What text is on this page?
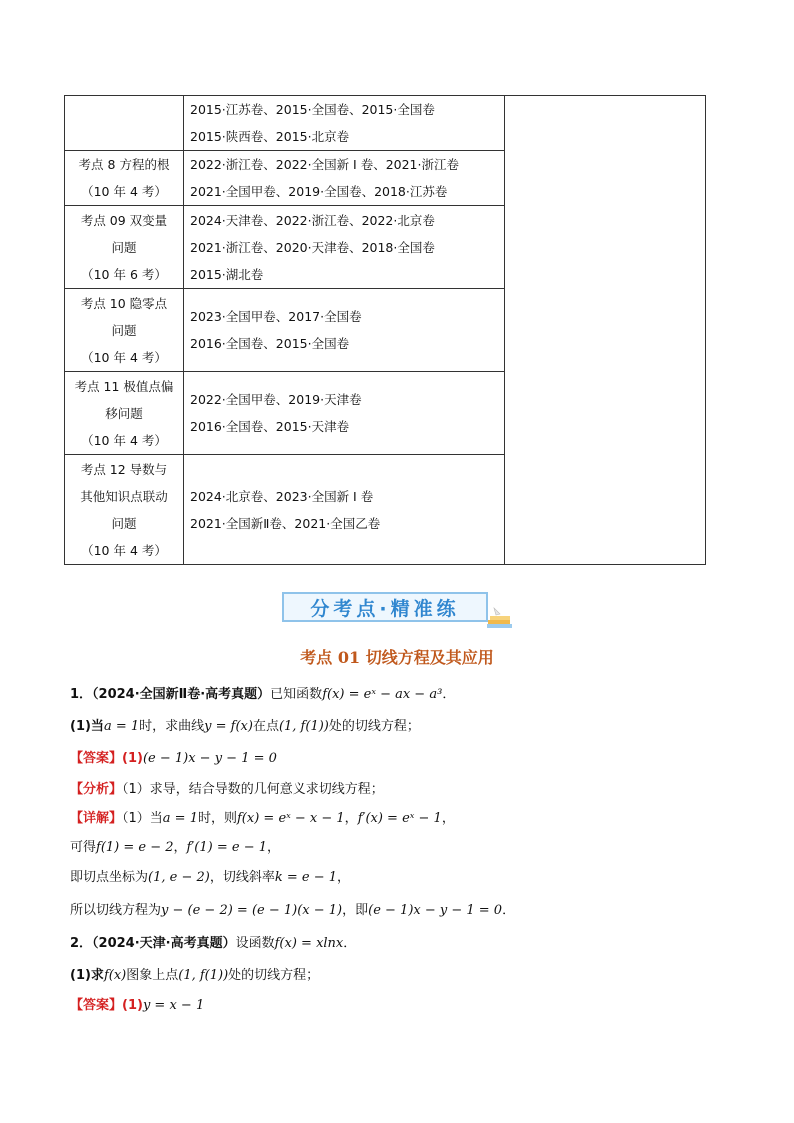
	2015·江苏卷、2015·全国卷、2015·全国卷
2015·陕西卷、2015·北京卷	

考点 8 方程的根
（10 年 4 考）	2022·浙江卷、2022·全国新 I 卷、2021·浙江卷
2021·全国甲卷、2019·全国卷、2018·江苏卷	

考点 09 双变量
问题
（10 年 6 考）	2024·天津卷、2022·浙江卷、2022·北京卷
2021·浙江卷、2020·天津卷、2018·全国卷
2015·湖北卷	

考点 10 隐零点
问题
（10 年 4 考）	2023·全国甲卷、2017·全国卷
2016·全国卷、2015·全国卷	

考点 11 极值点偏
移问题
（10 年 4 考）	2022·全国甲卷、2019·天津卷
2016·全国卷、2015·天津卷	

考点 12 导数与
其他知识点联动
问题
（10 年 4 考）	2024·北京卷、2023·全国新 I 卷
2021·全国新Ⅱ卷、2021·全国乙卷	
分考点·精准练
考点 01 切线方程及其应用
1．（2024·全国新Ⅱ卷·高考真题）已知函数f(x) = eˣ − ax − a³．
(1)当a = 1时，求曲线y = f(x)在点(1, f(1))处的切线方程；
【答案】(1)(e − 1)x − y − 1 = 0
【分析】（1）求导，结合导数的几何意义求切线方程；
【详解】（1）当a = 1时，则f(x) = eˣ − x − 1，f′(x) = eˣ − 1，
可得f(1) = e − 2，f′(1) = e − 1，
即切点坐标为(1, e − 2)，切线斜率k = e − 1，
所以切线方程为y − (e − 2) = (e − 1)(x − 1)，即(e − 1)x − y − 1 = 0．
2．（2024·天津·高考真题）设函数f(x) = xlnx．
(1)求f(x)图象上点(1, f(1))处的切线方程；
【答案】(1)y = x − 1
